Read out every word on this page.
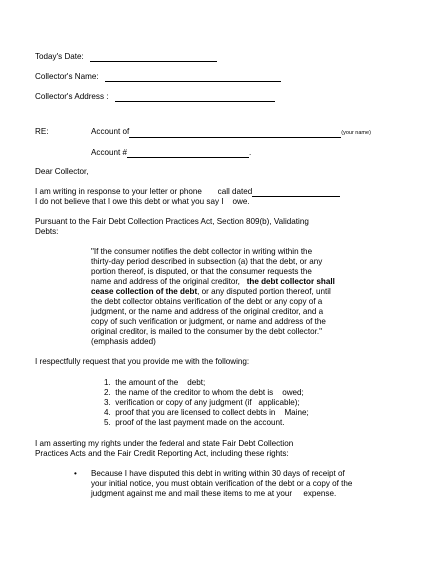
Today's Date:
Collector's Name:
Collector's Address :
RE:	Account of	(your name)
Account #	.
Dear Collector,
I am writing in response to your letter or phone call dated
I do not believe that I owe this debt or what you say I owe.
Pursuant to the Fair Debt Collection Practices Act, Section 809(b), Validating
Debts:
"If the consumer notifies the debt collector in writing within the
thirty-day period described in subsection (a) that the debt, or any
portion thereof, is disputed, or that the consumer requests the
name and address of the original creditor, the debt collector shall
cease collection of the debt, or any disputed portion thereof, until
the debt collector obtains verification of the debt or any copy of a
judgment, or the name and address of the original creditor, and a
copy of such verification or judgment, or name and address of the
original creditor, is mailed to the consumer by the debt collector."
(emphasis added)
I respectfully request that you provide me with the following:
1. the amount of the debt;
2. the name of the creditor to whom the debt is owed;
3. verification or copy of any judgment (if applicable);
4. proof that you are licensed to collect debts in Maine;
5. proof of the last payment made on the account.
I am asserting my rights under the federal and state Fair Debt Collection
Practices Acts and the Fair Credit Reporting Act, including these rights:
• Because I have disputed this debt in writing within 30 days of receipt of
your initial notice, you must obtain verification of the debt or a copy of the
judgment against me and mail these items to me at your expense.
